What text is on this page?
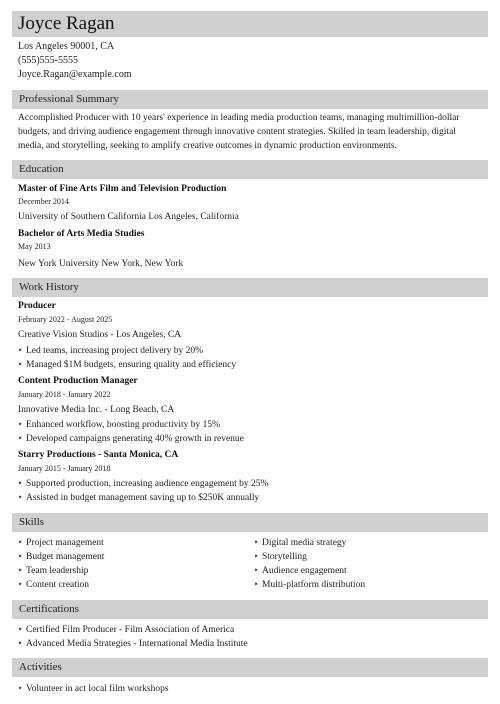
Joyce Ragan
Los Angeles 90001, CA
(555)555-5555
Joyce.Ragan@example.com
Professional Summary
Accomplished Producer with 10 years' experience in leading media production teams, managing multimillion-dollar
budgets, and driving audience engagement through innovative content strategies. Skilled in team leadership, digital
media, and storytelling, seeking to amplify creative outcomes in dynamic production environments.
Education
Master of Fine Arts Film and Television Production
December 2014
University of Southern California Los Angeles, California
Bachelor of Arts Media Studies
May 2013
New York University New York, New York
Work History
Producer
February 2022 - August 2025
Creative Vision Studios - Los Angeles, CA
‣ Led teams, increasing project delivery by 20%
‣ Managed $1M budgets, ensuring quality and efficiency
Content Production Manager
January 2018 - January 2022
Innovative Media Inc. - Long Beach, CA
‣ Enhanced workflow, boosting productivity by 15%
‣ Developed campaigns generating 40% growth in revenue
Starry Productions - Santa Monica, CA
January 2015 - January 2018
‣ Supported production, increasing audience engagement by 25%
‣ Assisted in budget management saving up to $250K annually
Skills
‣ Project management
‣ Budget management
‣ Team leadership
‣ Content creation
‣ Digital media strategy
‣ Storytelling
‣ Audience engagement
‣ Multi-platform distribution
Certifications
‣ Certified Film Producer - Film Association of America
‣ Advanced Media Strategies - International Media Institute
Activities
‣ Volunteer in act local film workshops
